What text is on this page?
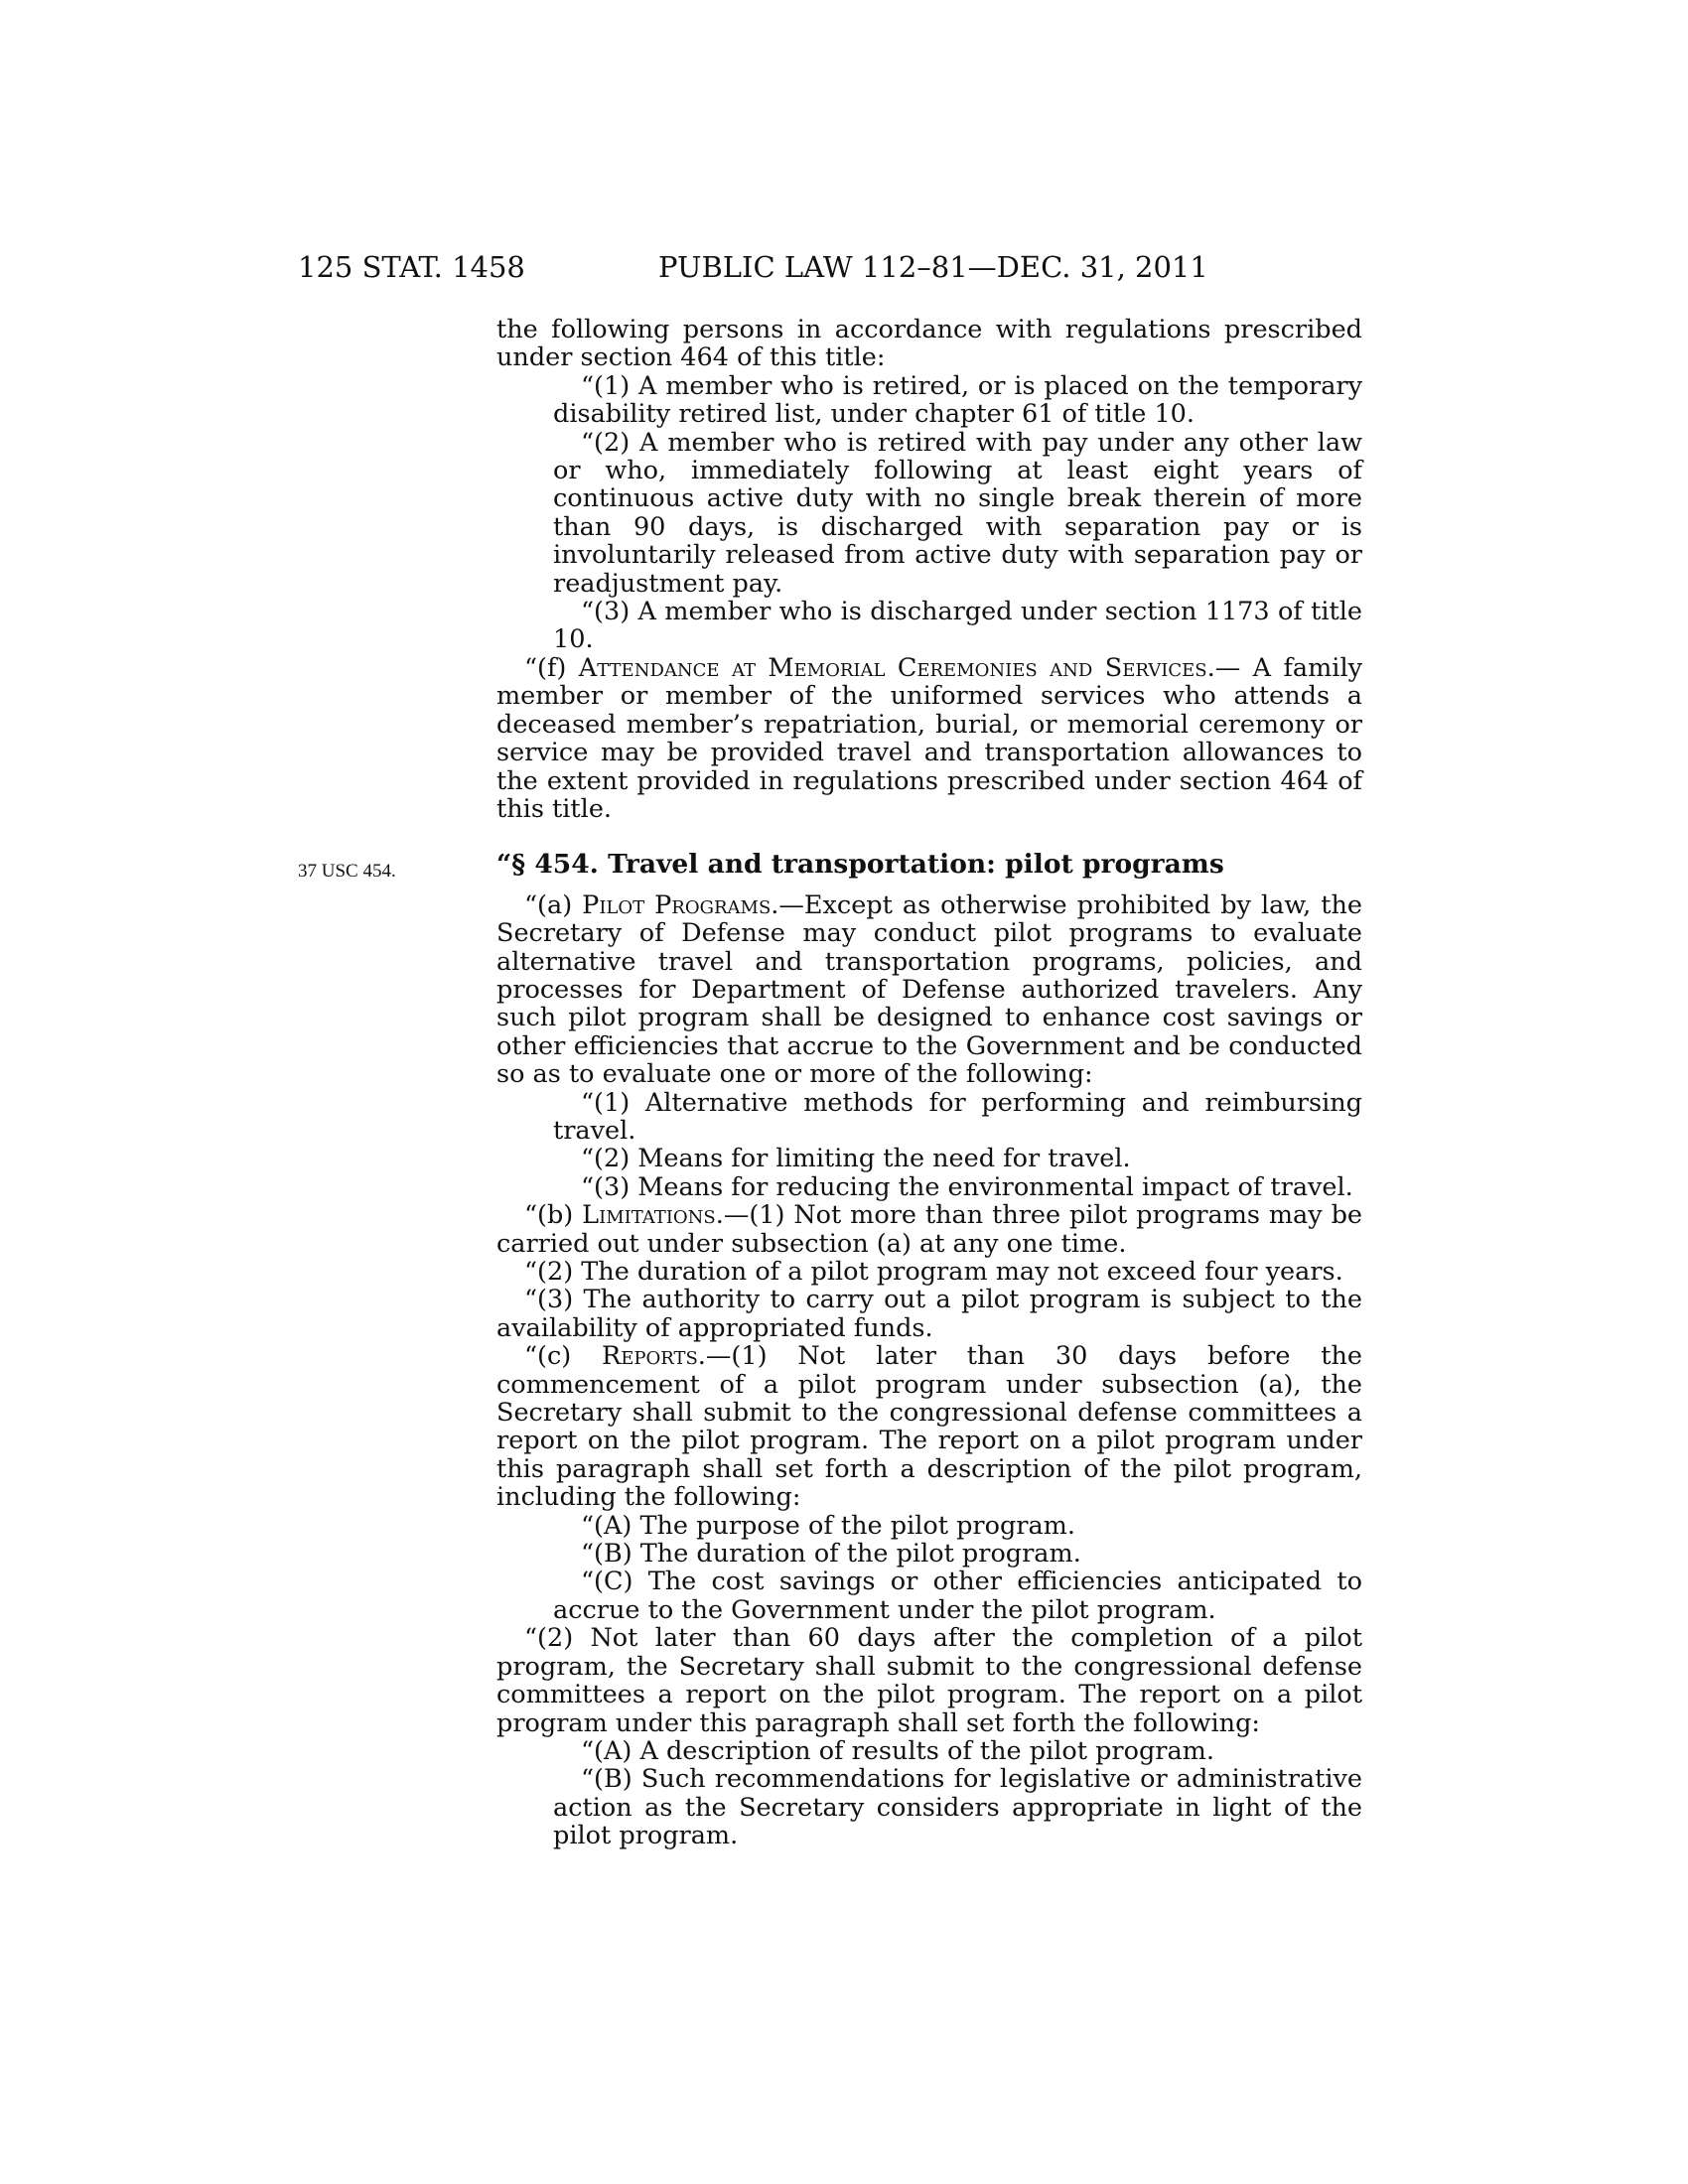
125 STAT. 1458	PUBLIC LAW 112–81—DEC. 31, 2011
37 USC 454.

the following persons in accordance with regulations prescribed under section 464 of this title:

“(1) A member who is retired, or is placed on the temporary disability retired list, under chapter 61 of title 10.

“(2) A member who is retired with pay under any other law or who, immediately following at least eight years of continuous active duty with no single break therein of more than 90 days, is discharged with separation pay or is involuntarily released from active duty with separation pay or readjustment pay.

“(3) A member who is discharged under section 1173 of title 10.

“(f) Attendance at Memorial Ceremonies and Services.— A family member or member of the uniformed services who attends a deceased member’s repatriation, burial, or memorial ceremony or service may be provided travel and transportation allowances to the extent provided in regulations prescribed under section 464 of this title.

“§ 454. Travel and transportation: pilot programs

“(a) Pilot Programs.—Except as otherwise prohibited by law, the Secretary of Defense may conduct pilot programs to evaluate alternative travel and transportation programs, policies, and processes for Department of Defense authorized travelers. Any such pilot program shall be designed to enhance cost savings or other efficiencies that accrue to the Government and be conducted so as to evaluate one or more of the following:

“(1) Alternative methods for performing and reimbursing travel.

“(2) Means for limiting the need for travel.

“(3) Means for reducing the environmental impact of travel.

“(b) Limitations.—(1) Not more than three pilot programs may be carried out under subsection (a) at any one time.

“(2) The duration of a pilot program may not exceed four years.

“(3) The authority to carry out a pilot program is subject to the availability of appropriated funds.

“(c) Reports.—(1) Not later than 30 days before the commencement of a pilot program under subsection (a), the Secretary shall submit to the congressional defense committees a report on the pilot program. The report on a pilot program under this paragraph shall set forth a description of the pilot program, including the following:

“(A) The purpose of the pilot program.

“(B) The duration of the pilot program.

“(C) The cost savings or other efficiencies anticipated to accrue to the Government under the pilot program.

“(2) Not later than 60 days after the completion of a pilot program, the Secretary shall submit to the congressional defense committees a report on the pilot program. The report on a pilot program under this paragraph shall set forth the following:

“(A) A description of results of the pilot program.

“(B) Such recommendations for legislative or administrative action as the Secretary considers appropriate in light of the pilot program.
